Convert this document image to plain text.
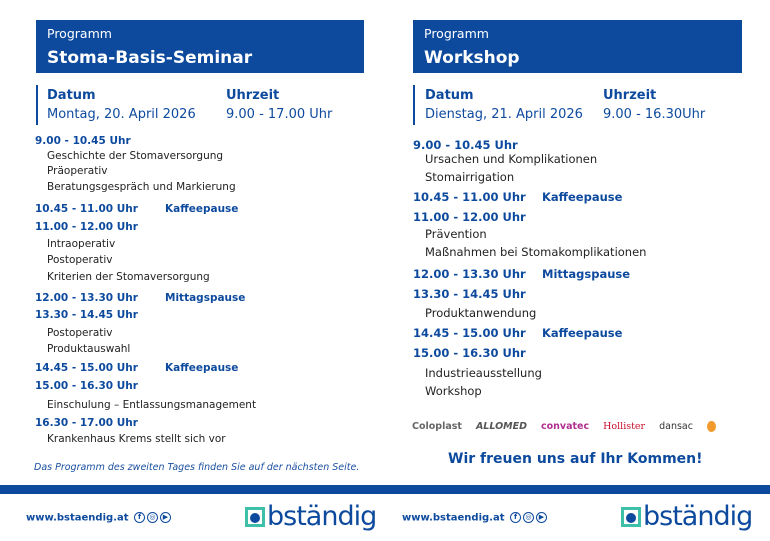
Programm
Stoma-Basis-Seminar
Programm
Workshop
Datum
Montag, 20. April 2026
Uhrzeit
9.00 - 17.00 Uhr
Datum
Dienstag, 21. April 2026
Uhrzeit
9.00 - 16.30Uhr
9.00 - 10.45 Uhr
Geschichte der Stomaversorgung
Präoperativ
Beratungsgespräch und Markierung
10.45 - 11.00 Uhr	Kaffeepause
11.00 - 12.00 Uhr
Intraoperativ
Postoperativ
Kriterien der Stomaversorgung
12.00 - 13.30 Uhr	Mittagspause
13.30 - 14.45 Uhr
Postoperativ
Produktauswahl
14.45 - 15.00 Uhr	Kaffeepause
15.00 - 16.30 Uhr
Einschulung – Entlassungsmanagement
16.30 - 17.00 Uhr
Krankenhaus Krems stellt sich vor
9.00 - 10.45 Uhr
Ursachen und Komplikationen
Stomairrigation
10.45 - 11.00 Uhr Kaffeepause
11.00 - 12.00 Uhr
Prävention
Maßnahmen bei Stomakomplikationen
12.00 - 13.30 Uhr Mittagspause
13.30 - 14.45 Uhr
Produktanwendung
14.45 - 15.00 Uhr Kaffeepause
15.00 - 16.30 Uhr
Industrieausstellung
Workshop
Das Programm des zweiten Tages finden Sie auf der nächsten Seite.
Coloplast ALLOMED convatec Hollister dansac
Wir freuen uns auf Ihr Kommen!
www.bstaendig.at f ◎ ▶	bständig	www.bstaendig.at f ◎ ▶	bständig
